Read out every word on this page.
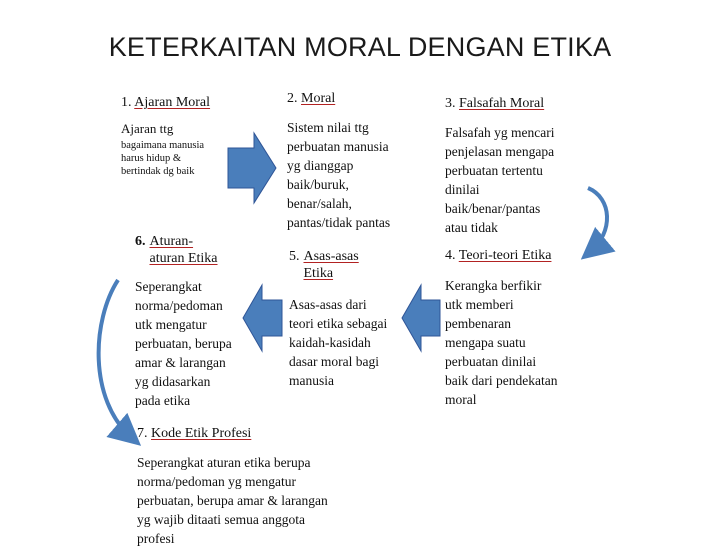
KETERKAITAN MORAL DENGAN ETIKA
1. Ajaran Moral
Ajaran ttg
bagaimana manusia
harus hidup &
bertindak dg baik
2. Moral
Sistem nilai ttg
perbuatan manusia
yg dianggap
baik/buruk,
benar/salah,
pantas/tidak pantas
3. Falsafah Moral
Falsafah yg mencari
penjelasan mengapa
perbuatan tertentu
dinilai
baik/benar/pantas
atau tidak
4. Teori-teori Etika
Kerangka berfikir
utk memberi
pembenaran
mengapa suatu
perbuatan dinilai
baik dari pendekatan
moral
5. Asas-asas
Etika
Asas-asas dari
teori etika sebagai
kaidah-kasidah
dasar moral bagi
manusia
6. Aturan-
aturan Etika
Seperangkat
norma/pedoman
utk mengatur
perbuatan, berupa
amar & larangan
yg didasarkan
pada etika
7. Kode Etik Profesi
Seperangkat aturan etika berupa
norma/pedoman yg mengatur
perbuatan, berupa amar & larangan
yg wajib ditaati semua anggota
profesi
